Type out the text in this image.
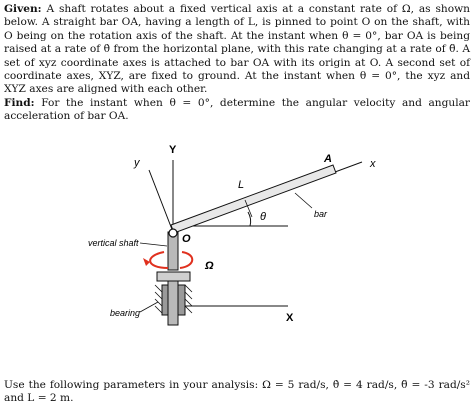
Given: A shaft rotates about a fixed vertical axis at a constant rate of Ω, as shown below. A straight bar OA, having a length of L, is pinned to point O on the shaft, with O being on the rotation axis of the shaft. At the instant when θ = 0°, bar OA is being raised at a rate of θ̇ from the horizontal plane, with this rate changing at a rate of θ̈. A set of xyz coordinate axes is attached to bar OA with its origin at O. A second set of coordinate axes, XYZ, are fixed to ground. At the instant when θ = 0°, the xyz and XYZ axes are aligned with each other.
Find: For the instant when θ = 0°, determine the angular velocity and angular acceleration of bar OA.
Y
y	A	x
L
θ	bar
vertical shaft	O
Ω
bearing	X
Use the following parameters in your analysis: Ω = 5 rad/s, θ̇ = 4 rad/s, θ̈ = -3 rad/s² and L = 2 m.
